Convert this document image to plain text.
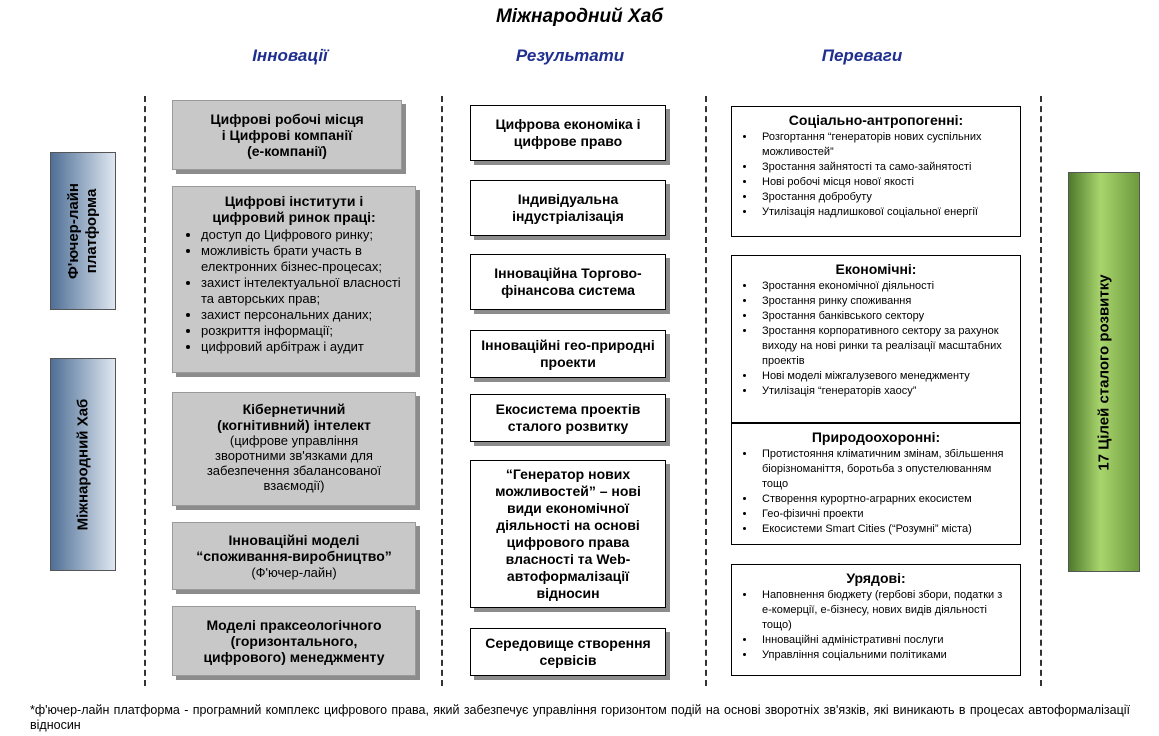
Міжнародний Хаб
Інновації	Результати	Переваги
Ф'ючер-лайн платформа
Міжнародний Хаб	17 Цілей сталого розвитку
Цифрові робочі місця
і Цифрові компанії
(е-компанії)
Цифрові інститути і
цифровий ринок праці:
• доступ до Цифрового ринку;
• можливість брати участь в електронних бізнес-процесах;
• захист інтелектуальної власності та авторських прав;
• захист персональних даних;
• розкриття інформації;
• цифровий арбітраж і аудит
Кібернетичний
(когнітивний) інтелект

(цифрове управління зворотними зв'язками для забезпечення збалансованої взаємодії)
Інноваційні моделі
“споживання-виробництво”
(Ф'ючер-лайн)
Моделі праксеологічного
(горизонтального,
цифрового) менеджменту
Цифрова економіка і цифрове право
Індивідуальна індустріалізація
Інноваційна Торгово-фінансова система
Інноваційні гео-природні проекти
Екосистема проектів сталого розвитку
“Генератор нових можливостей” – нові види економічної діяльності на основі цифрового права власності та Web-автоформалізації відносин
Середовище створення сервісів
Соціально-антропогенні:
• Розгортання “генераторів нових суспільних можливостей”
• Зростання зайнятості та само-зайнятості
• Нові робочі місця нової якості
• Зростання добробуту
• Утилізація надлишкової соціальної енергії
Економічні:
• Зростання економічної діяльності
• Зростання ринку споживання
• Зростання банківського сектору
• Зростання корпоративного сектору за рахунок виходу на нові ринки та реалізації масштабних проектів
• Нові моделі міжгалузевого менеджменту
• Утилізація “генераторів хаосу”
Природоохоронні:
• Протистояння кліматичним змінам, збільшення біорізноманіття, боротьба з опустелюванням тощо
• Створення курортно-аграрних екосистем
• Гео-фізичні проекти
• Екосистеми Smart Cities (“Розумні” міста)
Урядові:
• Наповнення бюджету (гербові збори, податки з е-комерції, е-бізнесу, нових видів діяльності тощо)
• Інноваційні адміністративні послуги
• Управління соціальними політиками
*ф'ючер-лайн платформа - програмний комплекс цифрового права, який забезпечує управління горизонтом подій на основі зворотніх зв'язків, які виникають в процесах автоформалізації відносин
